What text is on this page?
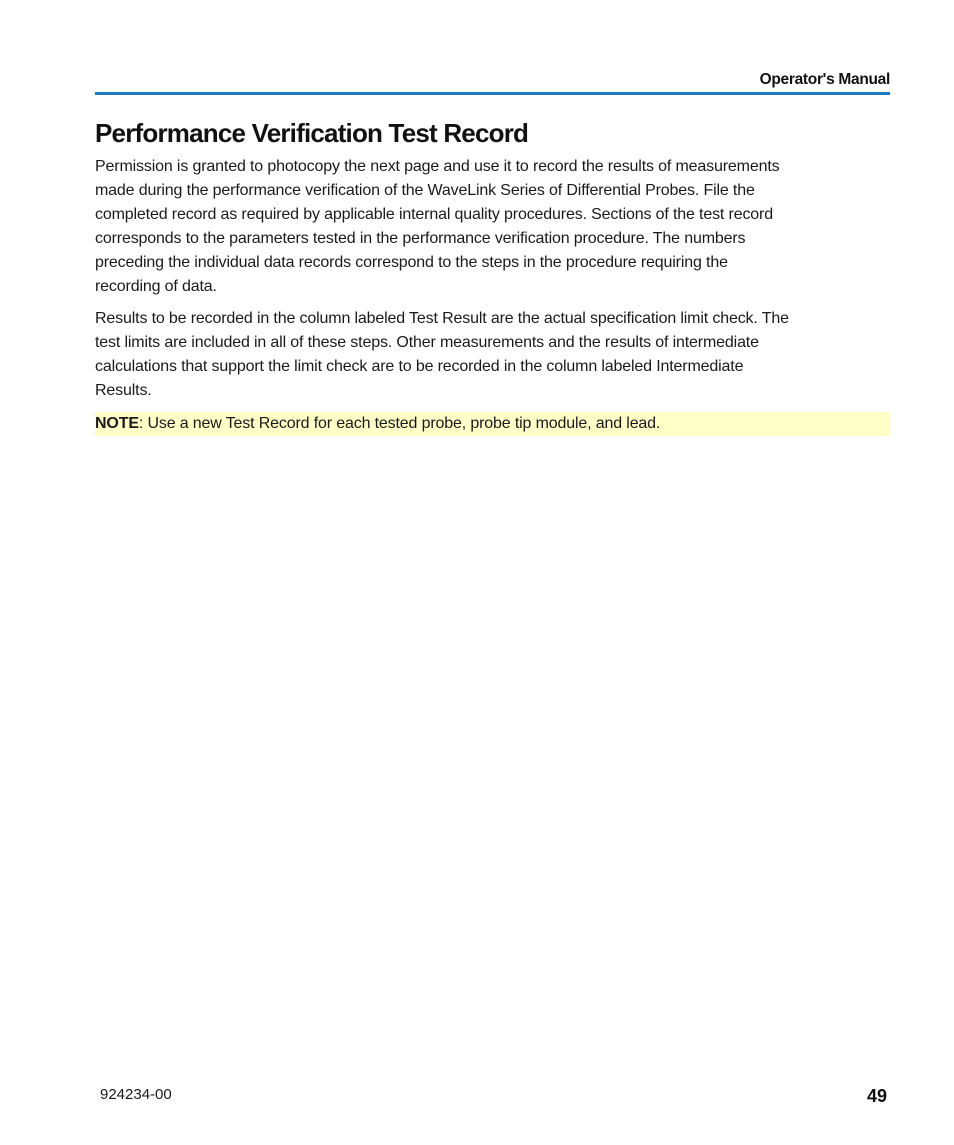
Operator's Manual
Performance Verification Test Record

Permission is granted to photocopy the next page and use it to record the results of measurements
made during the performance verification of the WaveLink Series of Differential Probes. File the
completed record as required by applicable internal quality procedures. Sections of the test record
corresponds to the parameters tested in the performance verification procedure. The numbers
preceding the individual data records correspond to the steps in the procedure requiring the
recording of data.

Results to be recorded in the column labeled Test Result are the actual specification limit check. The
test limits are included in all of these steps. Other measurements and the results of intermediate
calculations that support the limit check are to be recorded in the column labeled Intermediate
Results.

NOTE: Use a new Test Record for each tested probe, probe tip module, and lead.
924234-00	49
